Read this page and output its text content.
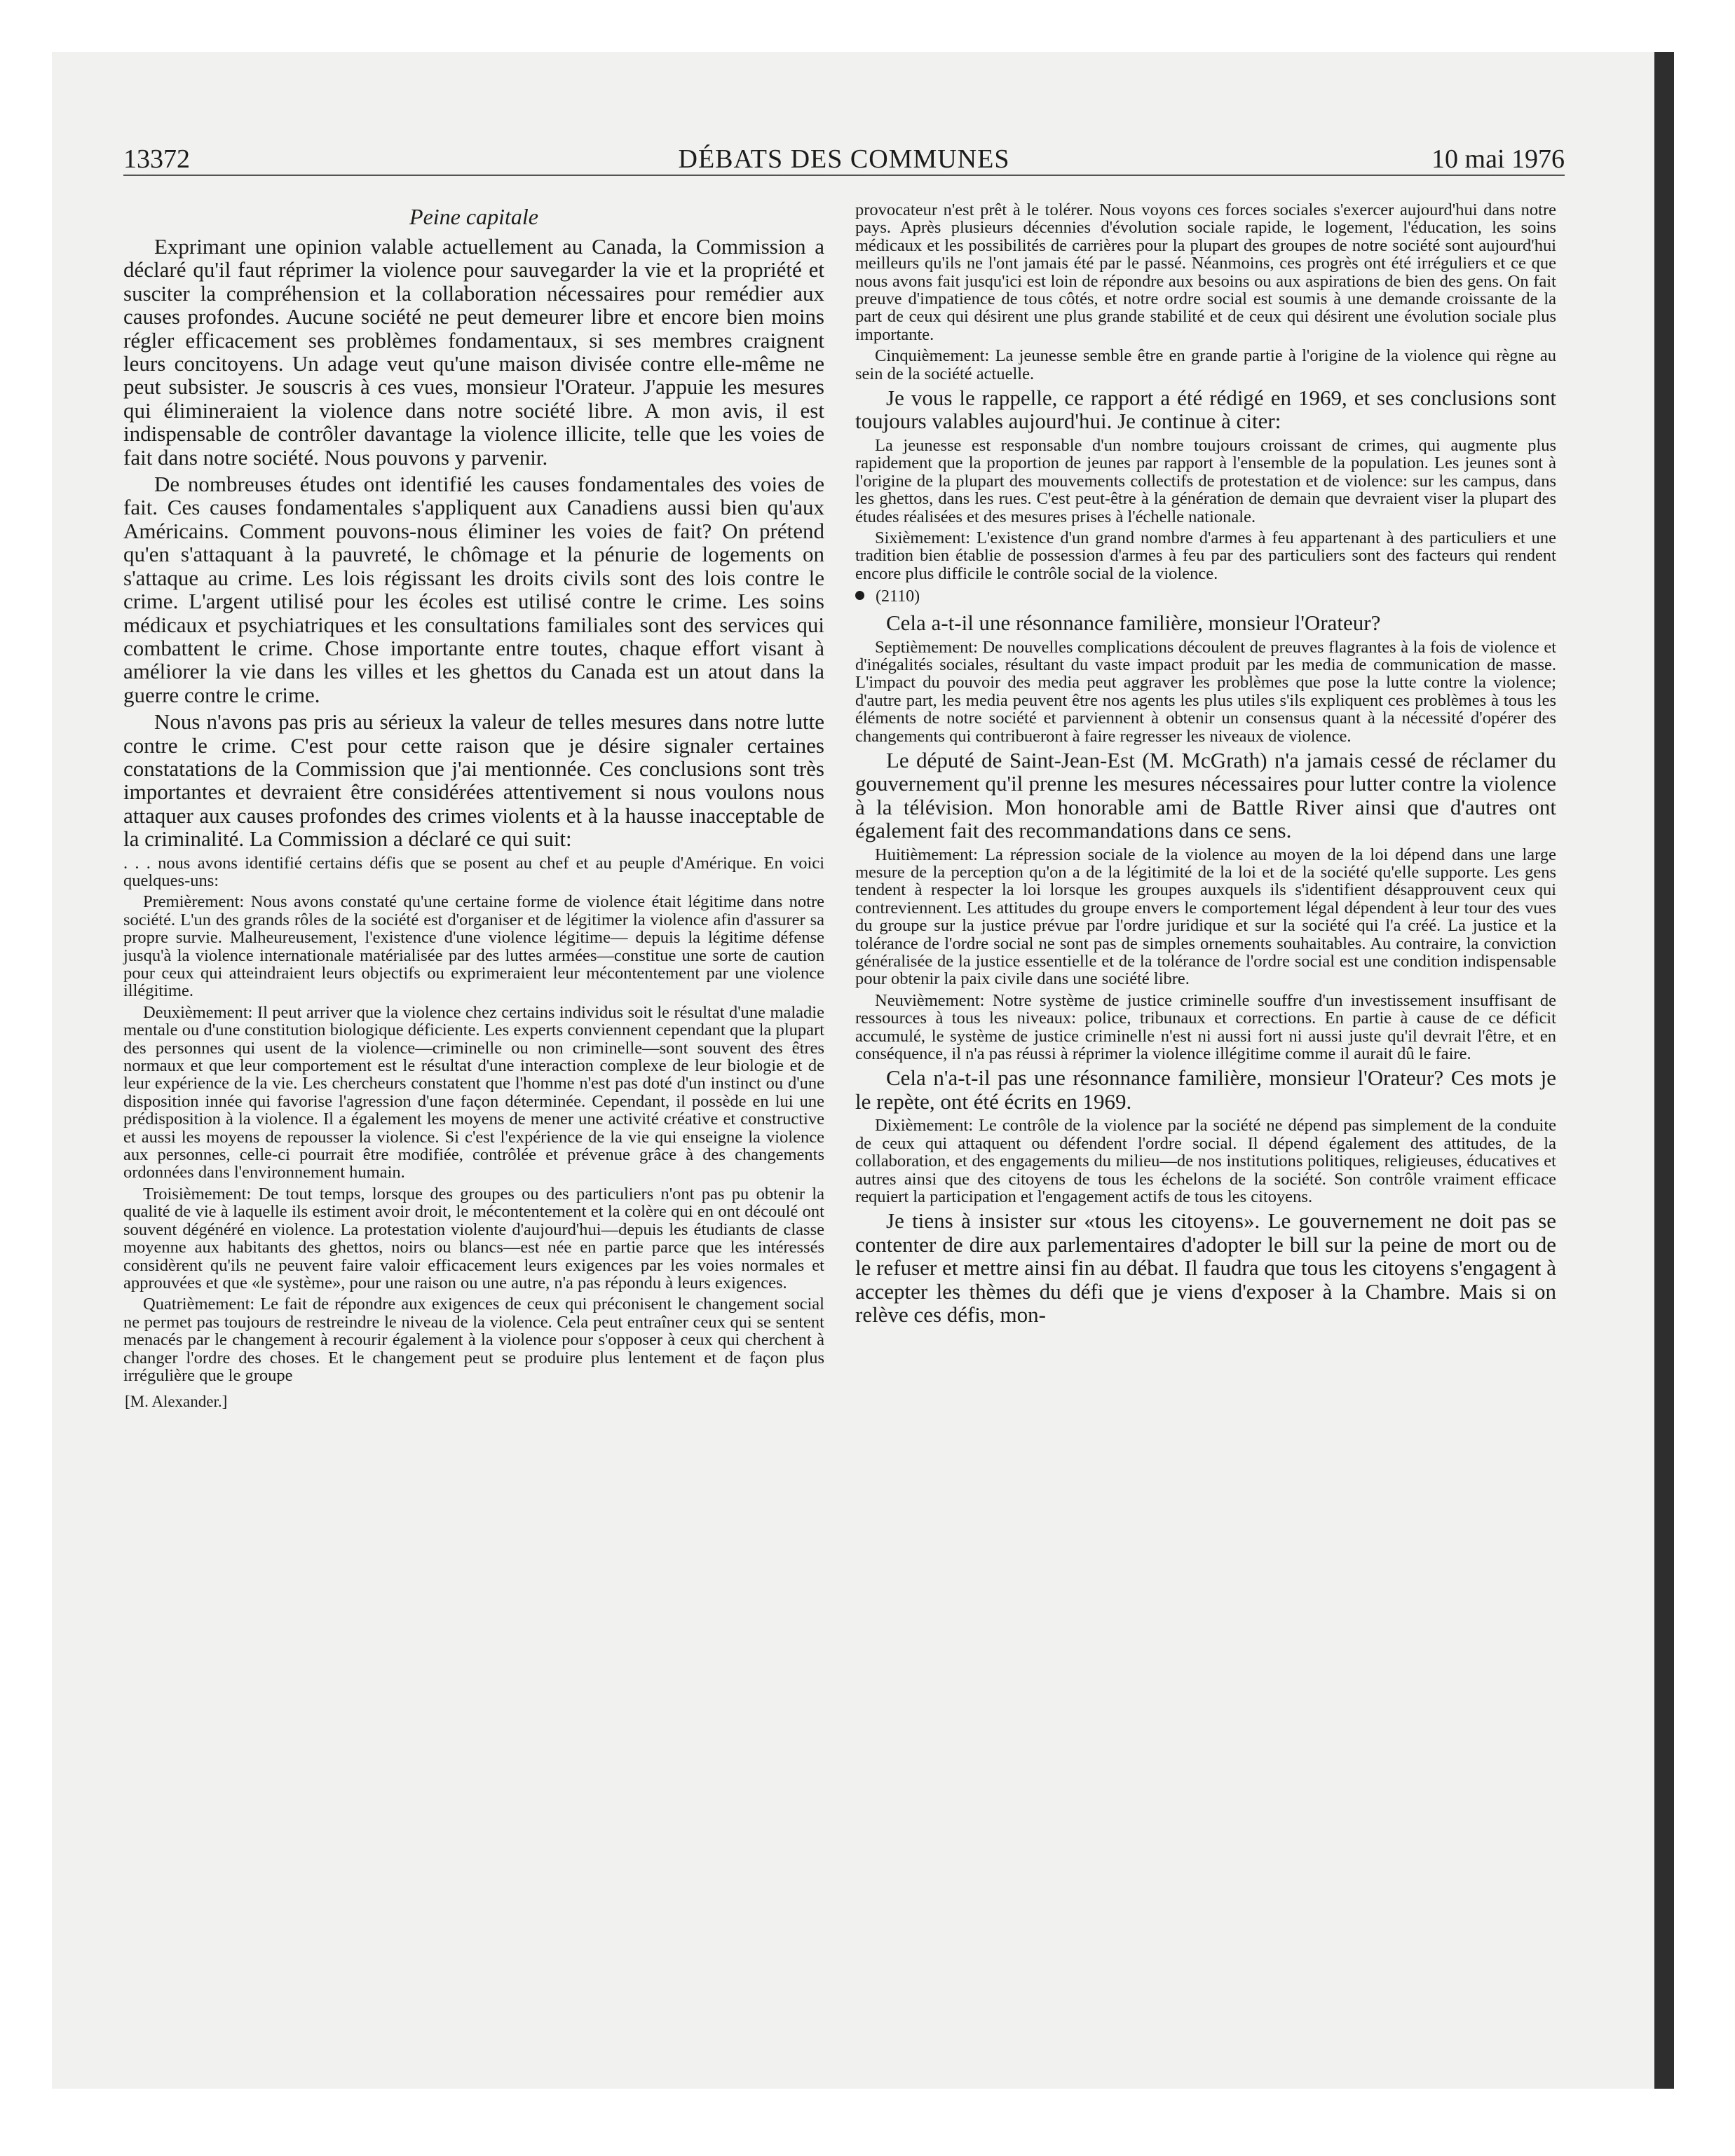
13372	DÉBATS DES COMMUNES	10 mai 1976
Peine capitale

Exprimant une opinion valable actuellement au Canada, la Commission a déclaré qu'il faut réprimer la violence pour sauvegarder la vie et la propriété et susciter la compréhension et la collaboration nécessaires pour remédier aux causes profondes. Aucune société ne peut demeurer libre et encore bien moins régler efficacement ses problèmes fondamentaux, si ses membres craignent leurs concitoyens. Un adage veut qu'une maison divisée contre elle-même ne peut subsister. Je souscris à ces vues, monsieur l'Orateur. J'appuie les mesures qui élimineraient la violence dans notre société libre. A mon avis, il est indispensable de contrôler davantage la violence illicite, telle que les voies de fait dans notre société. Nous pouvons y parvenir.

De nombreuses études ont identifié les causes fondamentales des voies de fait. Ces causes fondamentales s'appliquent aux Canadiens aussi bien qu'aux Américains. Comment pouvons-nous éliminer les voies de fait? On prétend qu'en s'attaquant à la pauvreté, le chômage et la pénurie de logements on s'attaque au crime. Les lois régissant les droits civils sont des lois contre le crime. L'argent utilisé pour les écoles est utilisé contre le crime. Les soins médicaux et psychiatriques et les consultations familiales sont des services qui combattent le crime. Chose importante entre toutes, chaque effort visant à améliorer la vie dans les villes et les ghettos du Canada est un atout dans la guerre contre le crime.

Nous n'avons pas pris au sérieux la valeur de telles mesures dans notre lutte contre le crime. C'est pour cette raison que je désire signaler certaines constatations de la Commission que j'ai mentionnée. Ces conclusions sont très importantes et devraient être considérées attentivement si nous voulons nous attaquer aux causes profondes des crimes violents et à la hausse inacceptable de la criminalité. La Commission a déclaré ce qui suit:

. . . nous avons identifié certains défis que se posent au chef et au peuple d'Amérique. En voici quelques-uns:

Premièrement: Nous avons constaté qu'une certaine forme de violence était légitime dans notre société. L'un des grands rôles de la société est d'organiser et de légitimer la violence afin d'assurer sa propre survie. Malheureusement, l'existence d'une violence légitime— depuis la légitime défense jusqu'à la violence internationale matérialisée par des luttes armées—constitue une sorte de caution pour ceux qui atteindraient leurs objectifs ou exprimeraient leur mécontentement par une violence illégitime.

Deuxièmement: Il peut arriver que la violence chez certains individus soit le résultat d'une maladie mentale ou d'une constitution biologique déficiente. Les experts conviennent cependant que la plupart des personnes qui usent de la violence—criminelle ou non criminelle—sont souvent des êtres normaux et que leur comportement est le résultat d'une interaction complexe de leur biologie et de leur expérience de la vie. Les chercheurs constatent que l'homme n'est pas doté d'un instinct ou d'une disposition innée qui favorise l'agression d'une façon déterminée. Cependant, il possède en lui une prédisposition à la violence. Il a également les moyens de mener une activité créative et constructive et aussi les moyens de repousser la violence. Si c'est l'expérience de la vie qui enseigne la violence aux personnes, celle-ci pourrait être modifiée, contrôlée et prévenue grâce à des changements ordonnées dans l'environnement humain.

Troisièmement: De tout temps, lorsque des groupes ou des particuliers n'ont pas pu obtenir la qualité de vie à laquelle ils estiment avoir droit, le mécontentement et la colère qui en ont découlé ont souvent dégénéré en violence. La protestation violente d'aujourd'hui—depuis les étudiants de classe moyenne aux habitants des ghettos, noirs ou blancs—est née en partie parce que les intéressés considèrent qu'ils ne peuvent faire valoir efficacement leurs exigences par les voies normales et approuvées et que «le système», pour une raison ou une autre, n'a pas répondu à leurs exigences.

Quatrièmement: Le fait de répondre aux exigences de ceux qui préconisent le changement social ne permet pas toujours de restreindre le niveau de la violence. Cela peut entraîner ceux qui se sentent menacés par le changement à recourir également à la violence pour s'opposer à ceux qui cherchent à changer l'ordre des choses. Et le changement peut se produire plus lentement et de façon plus irrégulière que le groupe

[M. Alexander.]

provocateur n'est prêt à le tolérer. Nous voyons ces forces sociales s'exercer aujourd'hui dans notre pays. Après plusieurs décennies d'évolution sociale rapide, le logement, l'éducation, les soins médicaux et les possibilités de carrières pour la plupart des groupes de notre société sont aujourd'hui meilleurs qu'ils ne l'ont jamais été par le passé. Néanmoins, ces progrès ont été irréguliers et ce que nous avons fait jusqu'ici est loin de répondre aux besoins ou aux aspirations de bien des gens. On fait preuve d'impatience de tous côtés, et notre ordre social est soumis à une demande croissante de la part de ceux qui désirent une plus grande stabilité et de ceux qui désirent une évolution sociale plus importante.

Cinquièmement: La jeunesse semble être en grande partie à l'origine de la violence qui règne au sein de la société actuelle.

Je vous le rappelle, ce rapport a été rédigé en 1969, et ses conclusions sont toujours valables aujourd'hui. Je continue à citer:

La jeunesse est responsable d'un nombre toujours croissant de crimes, qui augmente plus rapidement que la proportion de jeunes par rapport à l'ensemble de la population. Les jeunes sont à l'origine de la plupart des mouvements collectifs de protestation et de violence: sur les campus, dans les ghettos, dans les rues. C'est peut-être à la génération de demain que devraient viser la plupart des études réalisées et des mesures prises à l'échelle nationale.

Sixièmement: L'existence d'un grand nombre d'armes à feu appartenant à des particuliers et une tradition bien établie de possession d'armes à feu par des particuliers sont des facteurs qui rendent encore plus difficile le contrôle social de la violence.

(2110)

Cela a-t-il une résonnance familière, monsieur l'Orateur?

Septièmement: De nouvelles complications découlent de preuves flagrantes à la fois de violence et d'inégalités sociales, résultant du vaste impact produit par les media de communication de masse. L'impact du pouvoir des media peut aggraver les problèmes que pose la lutte contre la violence; d'autre part, les media peuvent être nos agents les plus utiles s'ils expliquent ces problèmes à tous les éléments de notre société et parviennent à obtenir un consensus quant à la nécessité d'opérer des changements qui contribueront à faire regresser les niveaux de violence.

Le député de Saint-Jean-Est (M. McGrath) n'a jamais cessé de réclamer du gouvernement qu'il prenne les mesures nécessaires pour lutter contre la violence à la télévision. Mon honorable ami de Battle River ainsi que d'autres ont également fait des recommandations dans ce sens.

Huitièmement: La répression sociale de la violence au moyen de la loi dépend dans une large mesure de la perception qu'on a de la légitimité de la loi et de la société qu'elle supporte. Les gens tendent à respecter la loi lorsque les groupes auxquels ils s'identifient désapprouvent ceux qui contreviennent. Les attitudes du groupe envers le comportement légal dépendent à leur tour des vues du groupe sur la justice prévue par l'ordre juridique et sur la société qui l'a créé. La justice et la tolérance de l'ordre social ne sont pas de simples ornements souhaitables. Au contraire, la conviction généralisée de la justice essentielle et de la tolérance de l'ordre social est une condition indispensable pour obtenir la paix civile dans une société libre.

Neuvièmement: Notre système de justice criminelle souffre d'un investissement insuffisant de ressources à tous les niveaux: police, tribunaux et corrections. En partie à cause de ce déficit accumulé, le système de justice criminelle n'est ni aussi fort ni aussi juste qu'il devrait l'être, et en conséquence, il n'a pas réussi à réprimer la violence illégitime comme il aurait dû le faire.

Cela n'a-t-il pas une résonnance familière, monsieur l'Orateur? Ces mots je le repète, ont été écrits en 1969.

Dixièmement: Le contrôle de la violence par la société ne dépend pas simplement de la conduite de ceux qui attaquent ou défendent l'ordre social. Il dépend également des attitudes, de la collaboration, et des engagements du milieu—de nos institutions politiques, religieuses, éducatives et autres ainsi que des citoyens de tous les échelons de la société. Son contrôle vraiment efficace requiert la participation et l'engagement actifs de tous les citoyens.

Je tiens à insister sur «tous les citoyens». Le gouvernement ne doit pas se contenter de dire aux parlementaires d'adopter le bill sur la peine de mort ou de le refuser et mettre ainsi fin au débat. Il faudra que tous les citoyens s'engagent à accepter les thèmes du défi que je viens d'exposer à la Chambre. Mais si on relève ces défis, mon-
